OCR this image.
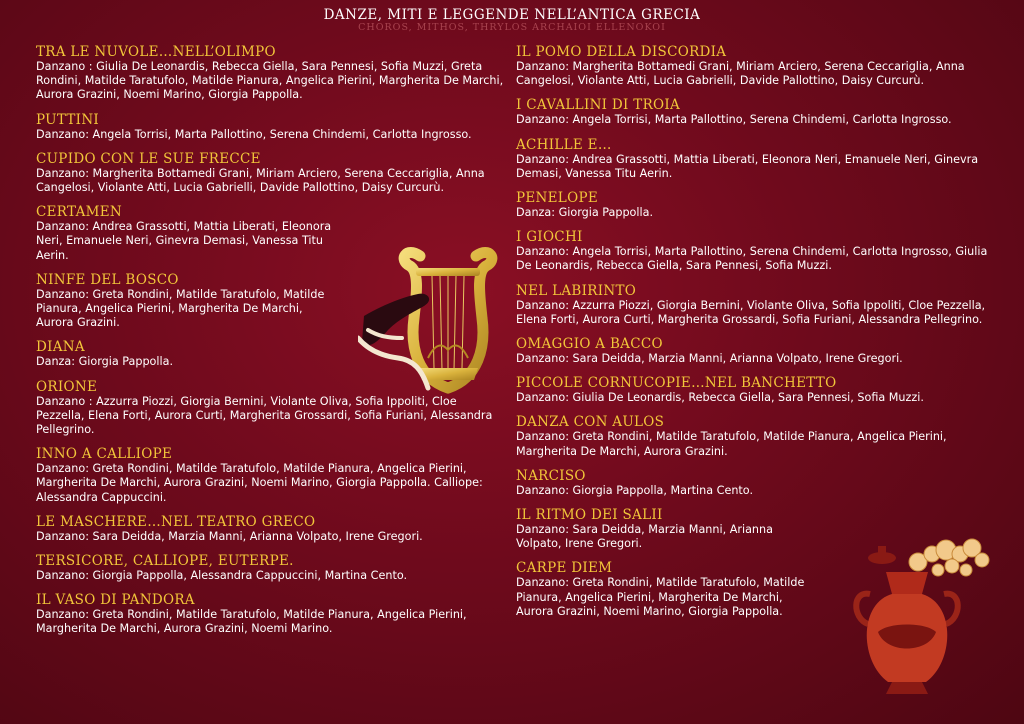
DANZE, MITI E LEGGENDE NELL’ANTICA GRECIA
CHOROS, MITHOS, THRYLOS ARCHAIOI ELLENOKOI
TRA LE NUVOLE…NELL’OLIMPO

Danzano : Giulia De Leonardis, Rebecca Giella, Sara Pennesi, Sofia Muzzi, Greta Rondini, Matilde Taratufolo, Matilde Pianura, Angelica Pierini, Margherita De Marchi, Aurora Grazini, Noemi Marino, Giorgia Pappolla.

PUTTINI

Danzano: Angela Torrisi, Marta Pallottino, Serena Chindemi, Carlotta Ingrosso.

CUPIDO CON LE SUE FRECCE

Danzano: Margherita Bottamedi Grani, Miriam Arciero, Serena Ceccariglia, Anna Cangelosi, Violante Atti, Lucia Gabrielli, Davide Pallottino, Daisy Curcurù.

CERTAMEN

Danzano: Andrea Grassotti, Mattia Liberati, Eleonora Neri, Emanuele Neri, Ginevra Demasi, Vanessa Titu Aerin.

NINFE DEL BOSCO

Danzano: Greta Rondini, Matilde Taratufolo, Matilde Pianura, Angelica Pierini, Margherita De Marchi, Aurora Grazini.

DIANA

Danza: Giorgia Pappolla.

ORIONE

Danzano : Azzurra Piozzi, Giorgia Bernini, Violante Oliva, Sofia Ippoliti, Cloe Pezzella, Elena Forti, Aurora Curti, Margherita Grossardi, Sofia Furiani, Alessandra Pellegrino.

INNO A CALLIOPE

Danzano: Greta Rondini, Matilde Taratufolo, Matilde Pianura, Angelica Pierini, Margherita De Marchi, Aurora Grazini, Noemi Marino, Giorgia Pappolla. Calliope: Alessandra Cappuccini.

LE MASCHERE…NEL TEATRO GRECO

Danzano: Sara Deidda, Marzia Manni, Arianna Volpato, Irene Gregori.

TERSICORE, CALLIOPE, EUTERPE.

Danzano: Giorgia Pappolla, Alessandra Cappuccini, Martina Cento.

IL VASO DI PANDORA

Danzano: Greta Rondini, Matilde Taratufolo, Matilde Pianura, Angelica Pierini, Margherita De Marchi, Aurora Grazini, Noemi Marino.

IL POMO DELLA DISCORDIA

Danzano: Margherita Bottamedi Grani, Miriam Arciero, Serena Ceccariglia, Anna Cangelosi, Violante Atti, Lucia Gabrielli, Davide Pallottino, Daisy Curcurù.

I CAVALLINI DI TROIA

Danzano: Angela Torrisi, Marta Pallottino, Serena Chindemi, Carlotta Ingrosso.

ACHILLE E…

Danzano: Andrea Grassotti, Mattia Liberati, Eleonora Neri, Emanuele Neri, Ginevra Demasi, Vanessa Titu Aerin.

PENELOPE

Danza: Giorgia Pappolla.

I GIOCHI

Danzano: Angela Torrisi, Marta Pallottino, Serena Chindemi, Carlotta Ingrosso, Giulia De Leonardis, Rebecca Giella, Sara Pennesi, Sofia Muzzi.

NEL LABIRINTO

Danzano: Azzurra Piozzi, Giorgia Bernini, Violante Oliva, Sofia Ippoliti, Cloe Pezzella, Elena Forti, Aurora Curti, Margherita Grossardi, Sofia Furiani, Alessandra Pellegrino.

OMAGGIO A BACCO

Danzano: Sara Deidda, Marzia Manni, Arianna Volpato, Irene Gregori.

PICCOLE CORNUCOPIE…NEL BANCHETTO

Danzano: Giulia De Leonardis, Rebecca Giella, Sara Pennesi, Sofia Muzzi.

DANZA CON AULOS

Danzano: Greta Rondini, Matilde Taratufolo, Matilde Pianura, Angelica Pierini, Margherita De Marchi, Aurora Grazini.

NARCISO

Danzano: Giorgia Pappolla, Martina Cento.

IL RITMO DEI SALII

Danzano: Sara Deidda, Marzia Manni, Arianna Volpato, Irene Gregori.

CARPE DIEM

Danzano: Greta Rondini, Matilde Taratufolo, Matilde Pianura, Angelica Pierini, Margherita De Marchi, Aurora Grazini, Noemi Marino, Giorgia Pappolla.
